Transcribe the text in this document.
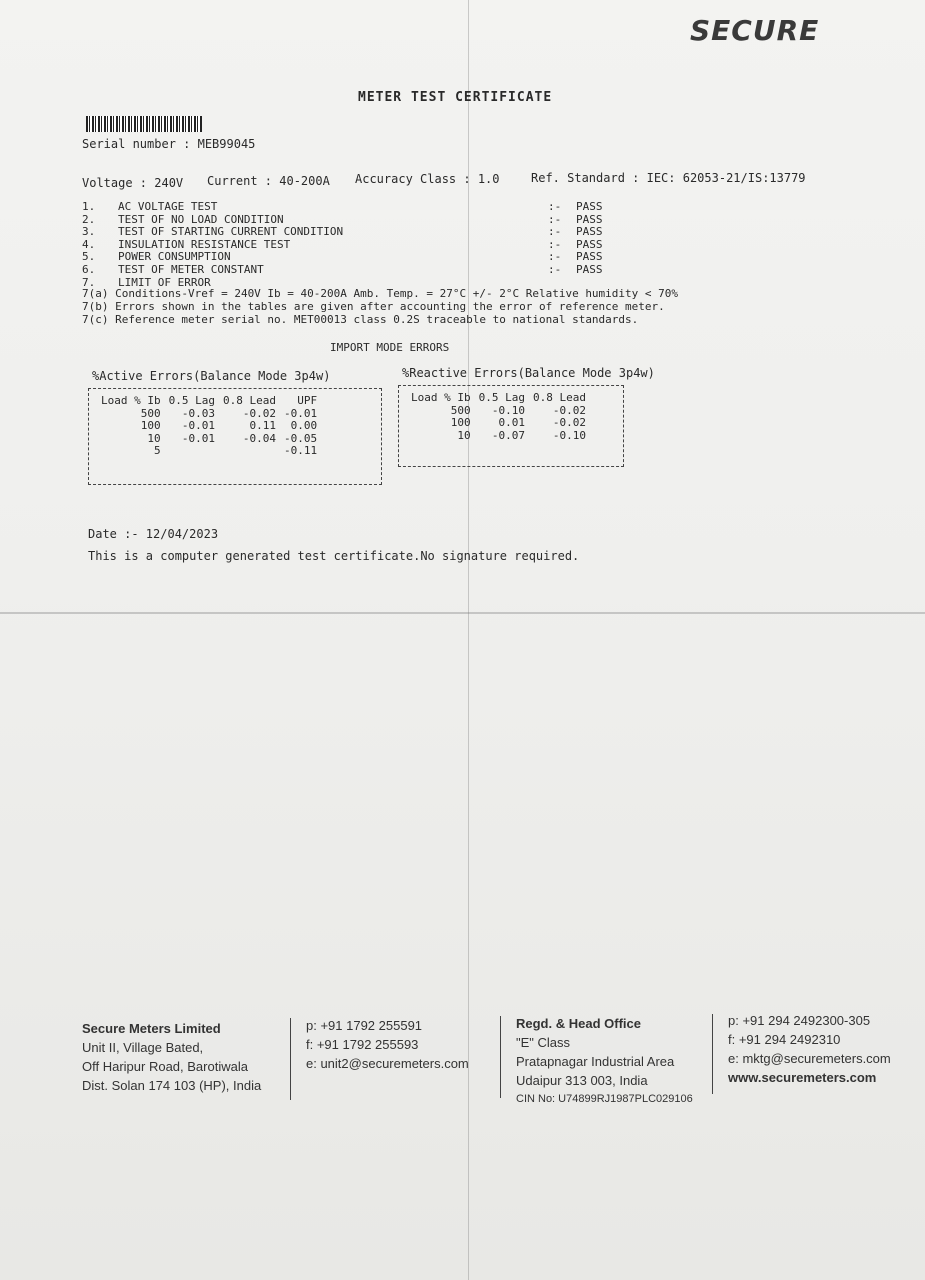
SECURE
METER TEST CERTIFICATE
Serial number : MEB99045
Voltage : 240V Current : 40-200A Accuracy Class : 1.0	Ref. Standard : IEC: 62053-21/IS:13779
1.	AC VOLTAGE TEST	:-	PASS
2.	TEST OF NO LOAD CONDITION	:-	PASS
3.	TEST OF STARTING CURRENT CONDITION	:-	PASS
4.	INSULATION RESISTANCE TEST	:-	PASS
5.	POWER CONSUMPTION	:-	PASS
6.	TEST OF METER CONSTANT	:-	PASS
7.	LIMIT OF ERROR		
7(a) Conditions-Vref = 240V Ib = 40-200A Amb. Temp. = 27°C +/- 2°C Relative humidity < 70%
7(b) Errors shown in the tables are given after accounting the error of reference meter.
7(c) Reference meter serial no. MET00013 class 0.2S traceable to national standards.
IMPORT MODE ERRORS
%Active Errors(Balance Mode 3p4w)
Load % Ib	0.5 Lag	0.8 Lead	UPF
500	-0.03	-0.02	-0.01
100	-0.01	0.11	0.00
10	-0.01	-0.04	-0.05
5			-0.11
%Reactive Errors(Balance Mode 3p4w)
Load % Ib	0.5 Lag	0.8 Lead
500	-0.10	-0.02
100	0.01	-0.02
10	-0.07	-0.10
Date :- 12/04/2023
This is a computer generated test certificate.No signature required.
Secure Meters Limited
Unit II, Village Bated,
Off Haripur Road, Barotiwala
Dist. Solan 174 103 (HP), India
p: +91 1792 255591
f: +91 1792 255593
e: unit2@securemeters.com
Regd. & Head Office
"E" Class
Pratapnagar Industrial Area
Udaipur 313 003, India
CIN No: U74899RJ1987PLC029106
p: +91 294 2492300-305
f: +91 294 2492310
e: mktg@securemeters.com
www.securemeters.com
